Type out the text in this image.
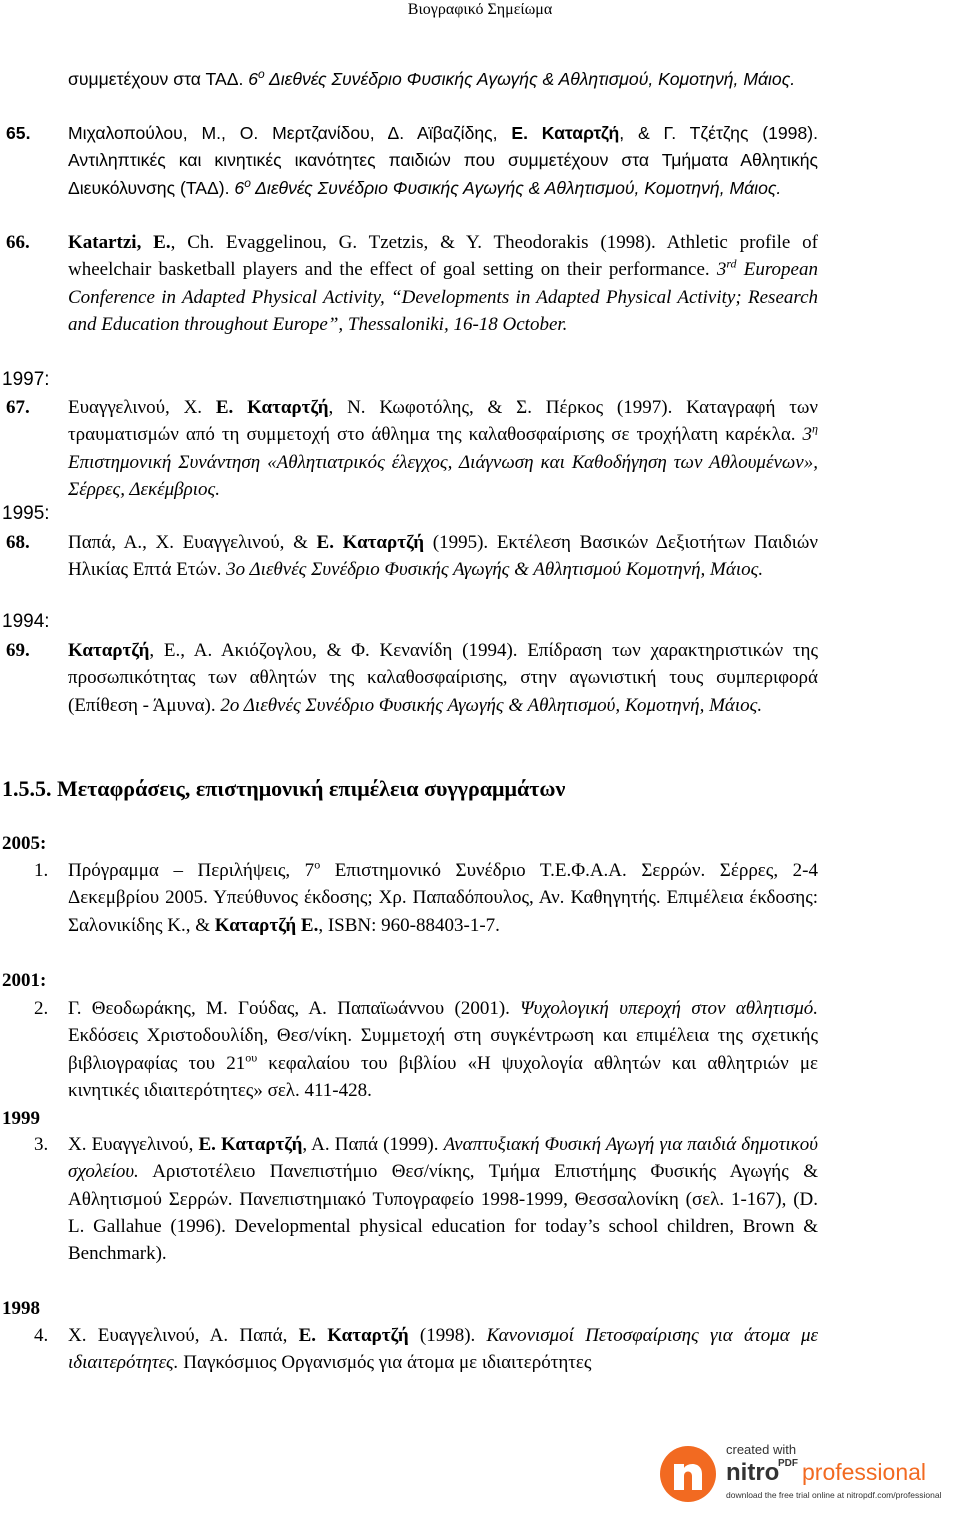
Βιογραφικό Σημείωμα
συμμετέχουν στα ΤΑΔ. $6^o$ Διεθνές Συνέδριο Φυσικής Αγωγής & Αθλητισμού, Κομοτηνή, Μάιος.
65. Μιχαλοπούλου, Μ., Ο. Μερτζανίδου, Δ. Αϊβαζίδης, Ε. Καταρτζή, & Γ. Τζέτζης (1998). Αντιληπτικές και κινητικές ικανότητες παιδιών που συμμετέχουν στα Τμήματα Αθλητικής Διευκόλυνσης (ΤΑΔ). $6^o$ Διεθνές Συνέδριο Φυσικής Αγωγής & Αθλητισμού, Κομοτηνή, Μάιος.
66. Katartzi, E., Ch. Evaggelinou, G. Tzetzis, & Y. Theodorakis (1998). Athletic profile of wheelchair basketball players and the effect of goal setting on their performance. 3rd European Conference in Adapted Physical Activity, “Developments in Adapted Physical Activity; Research and Education throughout Europe”, Thessaloniki, 16-18 October.
1997:
67. Ευαγγελινού, Χ. Ε. Καταρτζή, Ν. Κωφοτόλης, & Σ. Πέρκος (1997). Καταγραφή των τραυματισμών από τη συμμετοχή στο άθλημα της καλαθοσφαίρισης σε τροχήλατη καρέκλα. $3^\eta$ Επιστημονική Συνάντηση «Αθλητιατρικός έλεγχος, Διάγνωση και Καθοδήγηση των Αθλουμένων», Σέρρες, Δεκέμβριος.
1995:
68. Παπά, Α., Χ. Ευαγγελινού, & Ε. Καταρτζή (1995). Εκτέλεση Βασικών Δεξιοτήτων Παιδιών Ηλικίας Επτά Ετών. 3ο Διεθνές Συνέδριο Φυσικής Αγωγής & Αθλητισμού Κομοτηνή, Μάιος.
1994:
69. Καταρτζή, Ε., Α. Ακιόζογλου, & Φ. Κενανίδη (1994). Επίδραση των χαρακτηριστικών της προσωπικότητας των αθλητών της καλαθοσφαίρισης, στην αγωνιστική τους συμπεριφορά (Επίθεση - Άμυνα). 2ο Διεθνές Συνέδριο Φυσικής Αγωγής & Αθλητισμού, Κομοτηνή, Μάιος.
1.5.5. Μεταφράσεις, επιστημονική επιμέλεια συγγραμμάτων
2005:
1. Πρόγραμμα – Περιλήψεις, $7^o$ Επιστημονικό Συνέδριο Τ.Ε.Φ.Α.Α. Σερρών. Σέρρες, 2-4 Δεκεμβρίου 2005. Υπεύθυνος έκδοσης; Χρ. Παπαδόπουλος, Αν. Καθηγητής. Επιμέλεια έκδοσης: Σαλονικίδης Κ., & Καταρτζή Ε., ISBN: 960-88403-1-7.
2001:
2. Γ. Θεοδωράκης, Μ. Γούδας, Α. Παπαϊωάννου (2001). Ψυχολογική υπεροχή στον αθλητισμό. Εκδόσεις Χριστοδουλίδη, Θεσ/νίκη. Συμμετοχή στη συγκέντρωση και επιμέλεια της σχετικής βιβλιογραφίας του $21^{o\upsilon}$ κεφαλαίου του βιβλίου «Η ψυχολογία αθλητών και αθλητριών με κινητικές ιδιαιτερότητες» σελ. 411-428.
1999
3. Χ. Ευαγγελινού, Ε. Καταρτζή, Α. Παπά (1999). Αναπτυξιακή Φυσική Αγωγή για παιδιά δημοτικού σχολείου. Αριστοτέλειο Πανεπιστήμιο Θεσ/νίκης, Τμήμα Επιστήμης Φυσικής Αγωγής & Αθλητισμού Σερρών. Πανεπιστημιακό Τυπογραφείο 1998-1999, Θεσσαλονίκη (σελ. 1-167), (D. L. Gallahue (1996). Developmental physical education for today’s school children, Brown & Benchmark).
1998
4. Χ. Ευαγγελινού, Α. Παπά, Ε. Καταρτζή (1998). Κανονισμοί Πετοσφαίρισης για άτομα με ιδιαιτερότητες. Παγκόσμιος Οργανισμός για άτομα με ιδιαιτερότητες
created with
nitro
PDF professional
download the free trial online at nitropdf.com/professional
